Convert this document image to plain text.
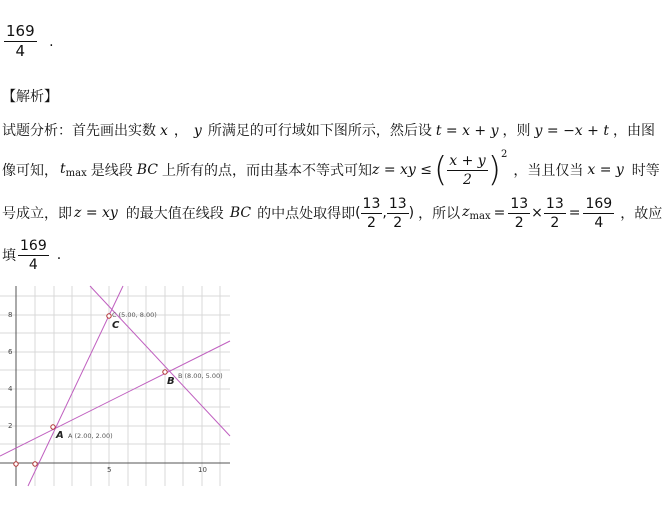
$\frac{169}{4}$ .
【解析】
试题分析：首先画出实数 x ， y 所满足的可行域如下图所示，然后设 t = x + y ，则 y = −x + t ，由图
像可知， $t_{max}$ 是线段 BC 上所有的点，而由基本不等式可知 z = xy ≤ ( $\frac{x + y}{2}$ ) 2
，当且仅当 x = y 时等
号成立，即 z = xy 的最大值在线段 BC 的中点处取得即 ( $\frac{13}{2}$ , $\frac{13}{2}$ ) ，所以 $z_{max} = \frac{13}{2} \times \frac{13}{2} = \frac{169}{4}$ ，故应
填 $\frac{169}{4}$ .
8
6
4
2
5	10
A A (2.00, 2.00)
C
C (5.00, 8.00)
B B (8.00, 5.00)
